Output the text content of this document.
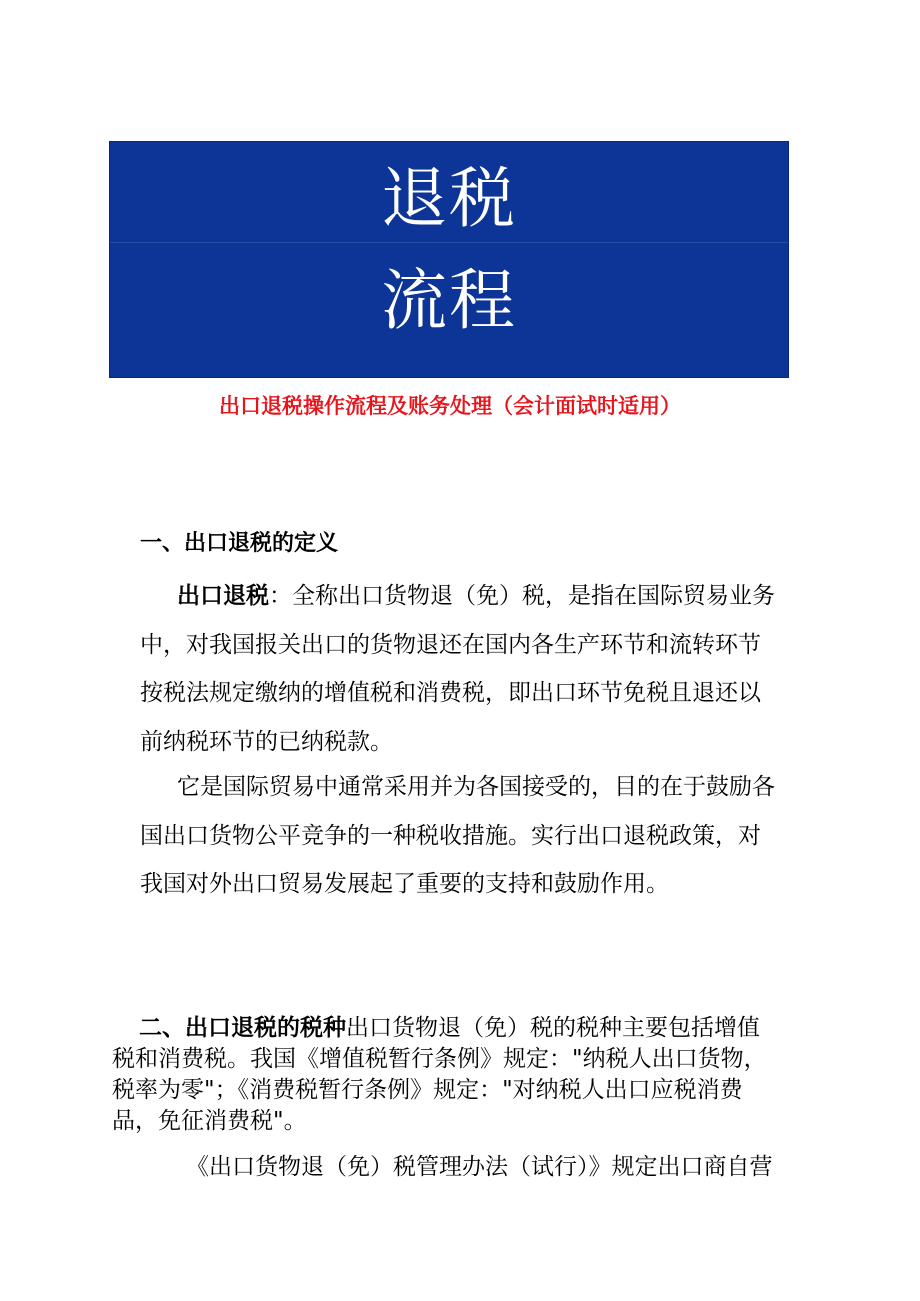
退税
流程
出口退税操作流程及账务处理（会计面试时适用）
一、出口退税的定义
出口退税：全称出口货物退（免）税，是指在国际贸易业务
中，对我国报关出口的货物退还在国内各生产环节和流转环节
按税法规定缴纳的增值税和消费税，即出口环节免税且退还以
前纳税环节的已纳税款。
它是国际贸易中通常采用并为各国接受的，目的在于鼓励各
国出口货物公平竞争的一种税收措施。实行出口退税政策，对
我国对外出口贸易发展起了重要的支持和鼓励作用。
二、出口退税的税种出口货物退（免）税的税种主要包括增值
税和消费税。我国《增值税暂行条例》规定："纳税人出口货物，
税率为零"；《消费税暂行条例》规定："对纳税人出口应税消费
品，免征消费税"。
《出口货物退（免）税管理办法（试行）》规定出口商自营
